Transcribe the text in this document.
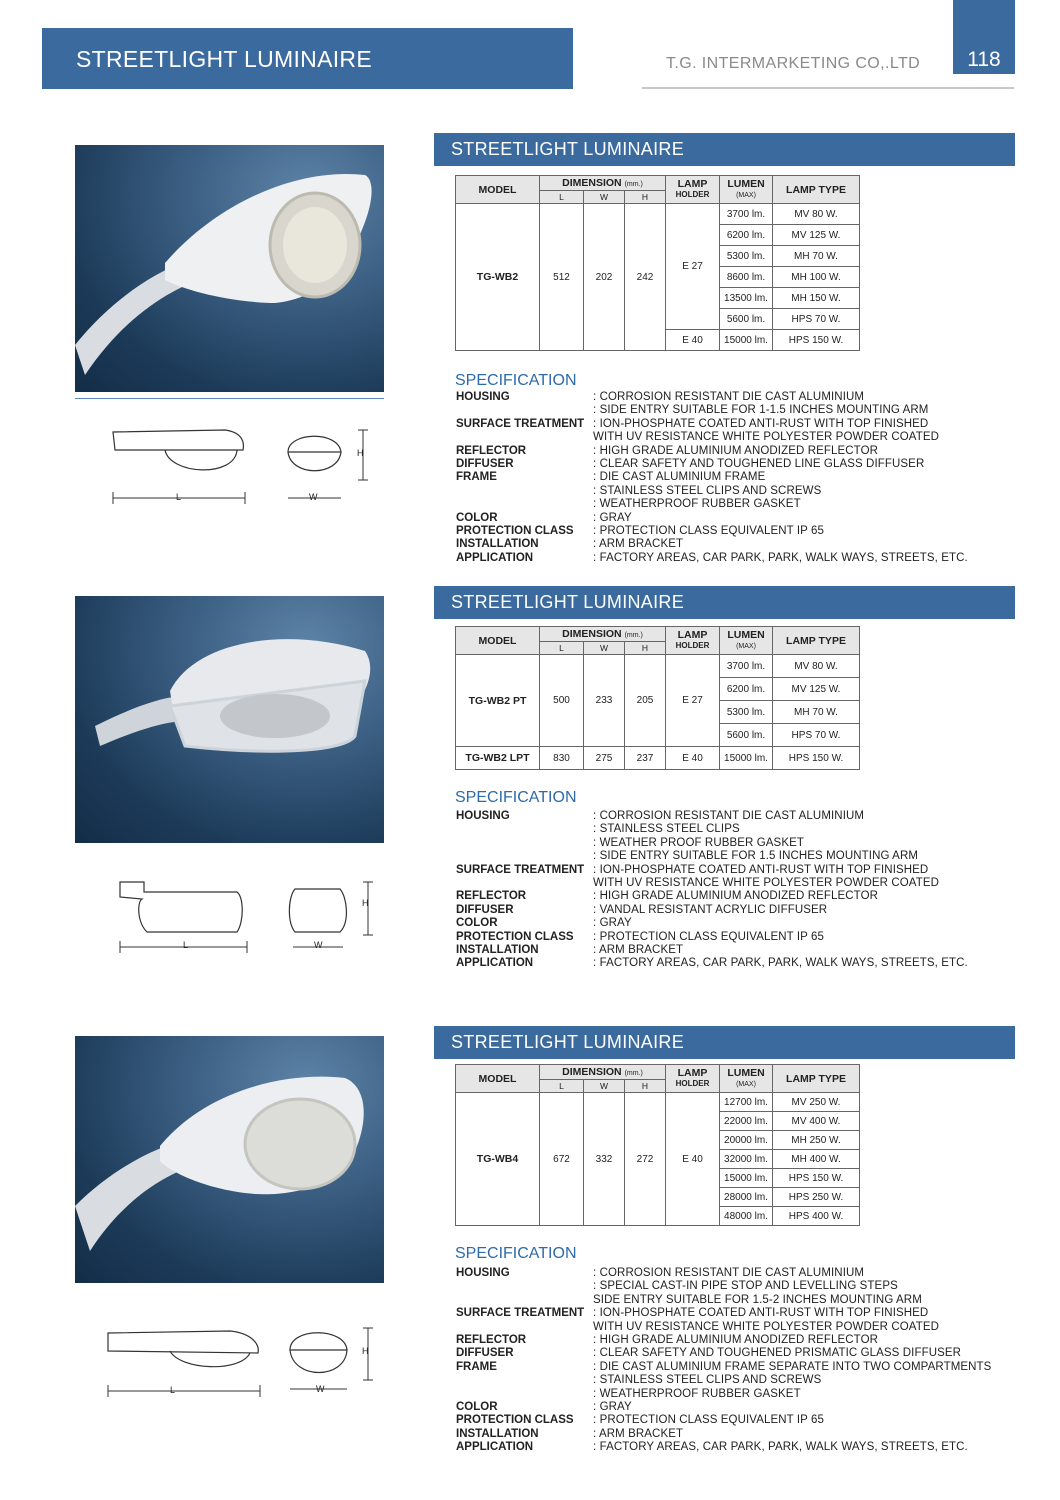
STREETLIGHT LUMINAIRE	T.G. INTERMARKETING CO,.LTD	118
L
H
W
STREETLIGHT LUMINAIRE
MODEL	DIMENSION (mm.)			LAMP
HOLDER	LUMEN
(MAX)	LAMP TYPE
	L	W	H			
TG-WB2	512	202	242	E 27	3700 lm.	MV 80 W.
					6200 lm.	MV 125 W.
					5300 lm.	MH 70 W.
					8600 lm.	MH 100 W.
					13500 lm.	MH 150 W.
					5600 lm.	HPS 70 W.
				E 40	15000 lm.	HPS 150 W.
SPECIFICATION
HOUSING	: CORROSION RESISTANT DIE CAST ALUMINIUM
: SIDE ENTRY SUITABLE FOR 1-1.5 INCHES MOUNTING ARM
SURFACE TREATMENT : ION-PHOSPHATE COATED ANTI-RUST WITH TOP FINISHED
WITH UV RESISTANCE WHITE POLYESTER POWDER COATED
REFLECTOR	: HIGH GRADE ALUMINIUM ANODIZED REFLECTOR
DIFFUSER	: CLEAR SAFETY AND TOUGHENED LINE GLASS DIFFUSER
FRAME	: DIE CAST ALUMINIUM FRAME
: STAINLESS STEEL CLIPS AND SCREWS
: WEATHERPROOF RUBBER GASKET
COLOR	: GRAY
PROTECTION CLASS : PROTECTION CLASS EQUIVALENT IP 65
INSTALLATION	: ARM BRACKET
APPLICATION	: FACTORY AREAS, CAR PARK, PARK, WALK WAYS, STREETS, ETC.
L
H
W
STREETLIGHT LUMINAIRE
MODEL	DIMENSION (mm.)			LAMP
HOLDER	LUMEN
(MAX)	LAMP TYPE
	L	W	H			
TG-WB2 PT	500	233	205	E 27	3700 lm.	MV 80 W.
					6200 lm.	MV 125 W.
					5300 lm.	MH 70 W.
					5600 lm.	HPS 70 W.
TG-WB2 LPT	830	275	237	E 40	15000 lm.	HPS 150 W.
SPECIFICATION
HOUSING	: CORROSION RESISTANT DIE CAST ALUMINIUM
: STAINLESS STEEL CLIPS
: WEATHER PROOF RUBBER GASKET
: SIDE ENTRY SUITABLE FOR 1.5 INCHES MOUNTING ARM
SURFACE TREATMENT : ION-PHOSPHATE COATED ANTI-RUST WITH TOP FINISHED
WITH UV RESISTANCE WHITE POLYESTER POWDER COATED
REFLECTOR	: HIGH GRADE ALUMINIUM ANODIZED REFLECTOR
DIFFUSER	: VANDAL RESISTANT ACRYLIC DIFFUSER
COLOR	: GRAY
PROTECTION CLASS : PROTECTION CLASS EQUIVALENT IP 65
INSTALLATION	: ARM BRACKET
APPLICATION	: FACTORY AREAS, CAR PARK, PARK, WALK WAYS, STREETS, ETC.
L
H
W
STREETLIGHT LUMINAIRE
MODEL	DIMENSION (mm.)			LAMP
HOLDER	LUMEN
(MAX)	LAMP TYPE
	L	W	H			
TG-WB4	672	332	272	E 40	12700 lm.	MV 250 W.
					22000 lm.	MV 400 W.
					20000 lm.	MH 250 W.
					32000 lm.	MH 400 W.
					15000 lm.	HPS 150 W.
					28000 lm.	HPS 250 W.
					48000 lm.	HPS 400 W.
SPECIFICATION
HOUSING	: CORROSION RESISTANT DIE CAST ALUMINIUM
: SPECIAL CAST-IN PIPE STOP AND LEVELLING STEPS
SIDE ENTRY SUITABLE FOR 1.5-2 INCHES MOUNTING ARM
SURFACE TREATMENT : ION-PHOSPHATE COATED ANTI-RUST WITH TOP FINISHED
WITH UV RESISTANCE WHITE POLYESTER POWDER COATED
REFLECTOR	: HIGH GRADE ALUMINIUM ANODIZED REFLECTOR
DIFFUSER	: CLEAR SAFETY AND TOUGHENED PRISMATIC GLASS DIFFUSER
FRAME	: DIE CAST ALUMINIUM FRAME SEPARATE INTO TWO COMPARTMENTS
: STAINLESS STEEL CLIPS AND SCREWS
: WEATHERPROOF RUBBER GASKET
COLOR	: GRAY
PROTECTION CLASS : PROTECTION CLASS EQUIVALENT IP 65
INSTALLATION	: ARM BRACKET
APPLICATION	: FACTORY AREAS, CAR PARK, PARK, WALK WAYS, STREETS, ETC.
